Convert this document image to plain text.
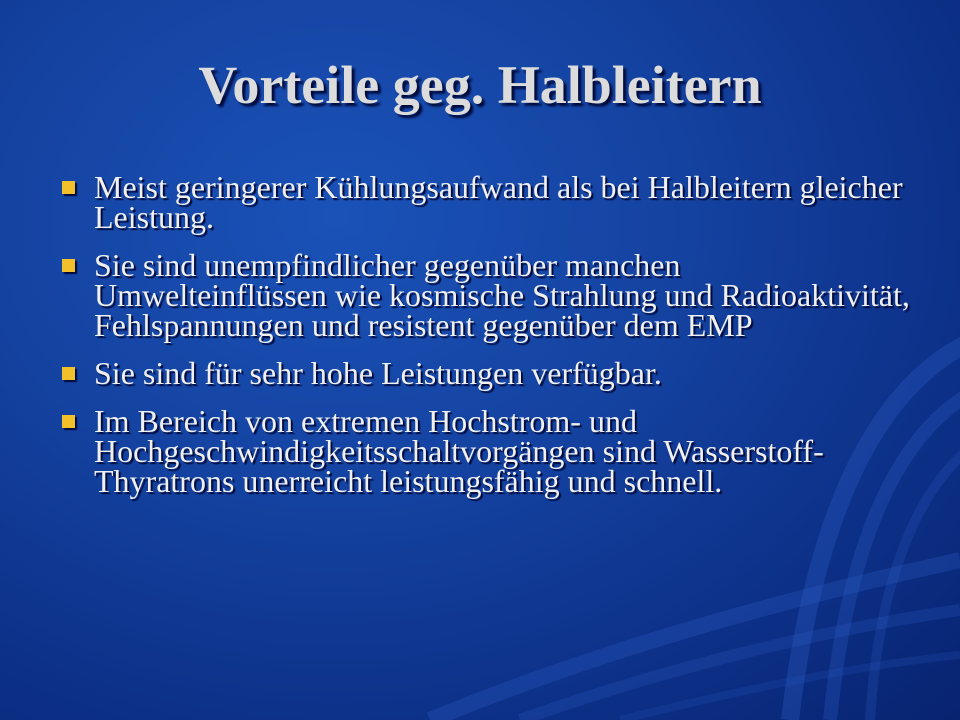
Vorteile geg. Halbleitern
Meist geringerer Kühlungsaufwand als bei Halbleitern gleicher Leistung.
Sie sind unempfindlicher gegenüber manchen Umwelteinflüssen wie kosmische Strahlung und Radioaktivität, Fehlspannungen und resistent gegenüber dem EMP
Sie sind für sehr hohe Leistungen verfügbar.
Im Bereich von extremen Hochstrom- und Hochgeschwindigkeitsschaltvorgängen sind Wasserstoff-Thyratrons unerreicht leistungsfähig und schnell.
